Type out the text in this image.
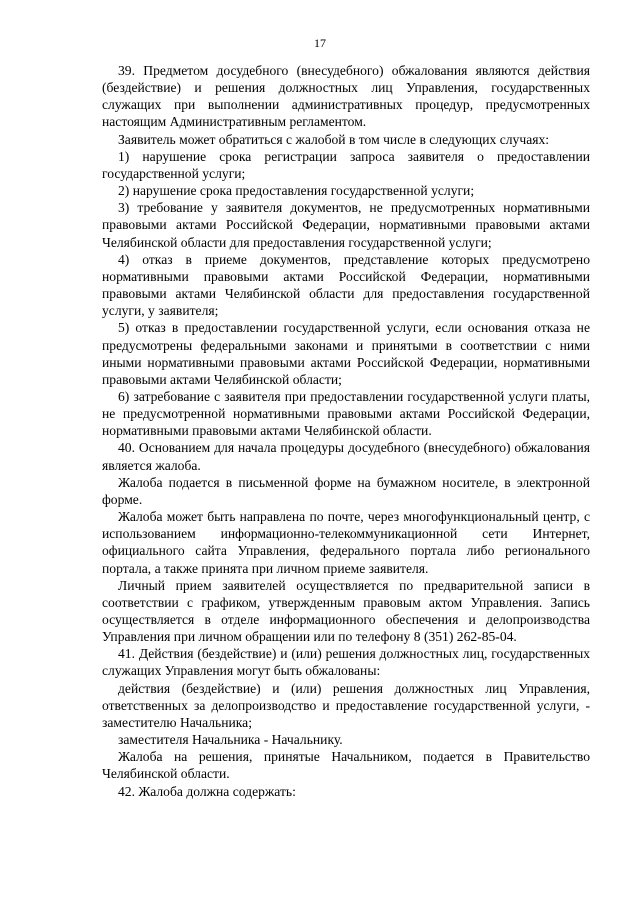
17

39. Предметом досудебного (внесудебного) обжалования являются действия (бездействие) и решения должностных лиц Управления, государственных служащих при выполнении административных процедур, предусмотренных настоящим Административным регламентом.

Заявитель может обратиться с жалобой в том числе в следующих случаях:

1) нарушение срока регистрации запроса заявителя о предоставлении государственной услуги;

2) нарушение срока предоставления государственной услуги;

3) требование у заявителя документов, не предусмотренных нормативными правовыми актами Российской Федерации, нормативными правовыми актами Челябинской области для предоставления государственной услуги;

4) отказ в приеме документов, представление которых предусмотрено нормативными правовыми актами Российской Федерации, нормативными правовыми актами Челябинской области для предоставления государственной услуги, у заявителя;

5) отказ в предоставлении государственной услуги, если основания отказа не предусмотрены федеральными законами и принятыми в соответствии с ними иными нормативными правовыми актами Российской Федерации, нормативными правовыми актами Челябинской области;

6) затребование с заявителя при предоставлении государственной услуги платы, не предусмотренной нормативными правовыми актами Российской Федерации, нормативными правовыми актами Челябинской области.

40. Основанием для начала процедуры досудебного (внесудебного) обжалования является жалоба.

Жалоба подается в письменной форме на бумажном носителе, в электронной форме.

Жалоба может быть направлена по почте, через многофункциональный центр, с использованием информационно-телекоммуникационной сети Интернет, официального сайта Управления, федерального портала либо регионального портала, а также принята при личном приеме заявителя.

Личный прием заявителей осуществляется по предварительной записи в соответствии с графиком, утвержденным правовым актом Управления. Запись осуществляется в отделе информационного обеспечения и делопроизводства Управления при личном обращении или по телефону 8 (351) 262-85-04.

41. Действия (бездействие) и (или) решения должностных лиц, государственных служащих Управления могут быть обжалованы:

действия (бездействие) и (или) решения должностных лиц Управления, ответственных за делопроизводство и предоставление государственной услуги, - заместителю Начальника;

заместителя Начальника - Начальнику.

Жалоба на решения, принятые Начальником, подается в Правительство Челябинской области.

42. Жалоба должна содержать:
